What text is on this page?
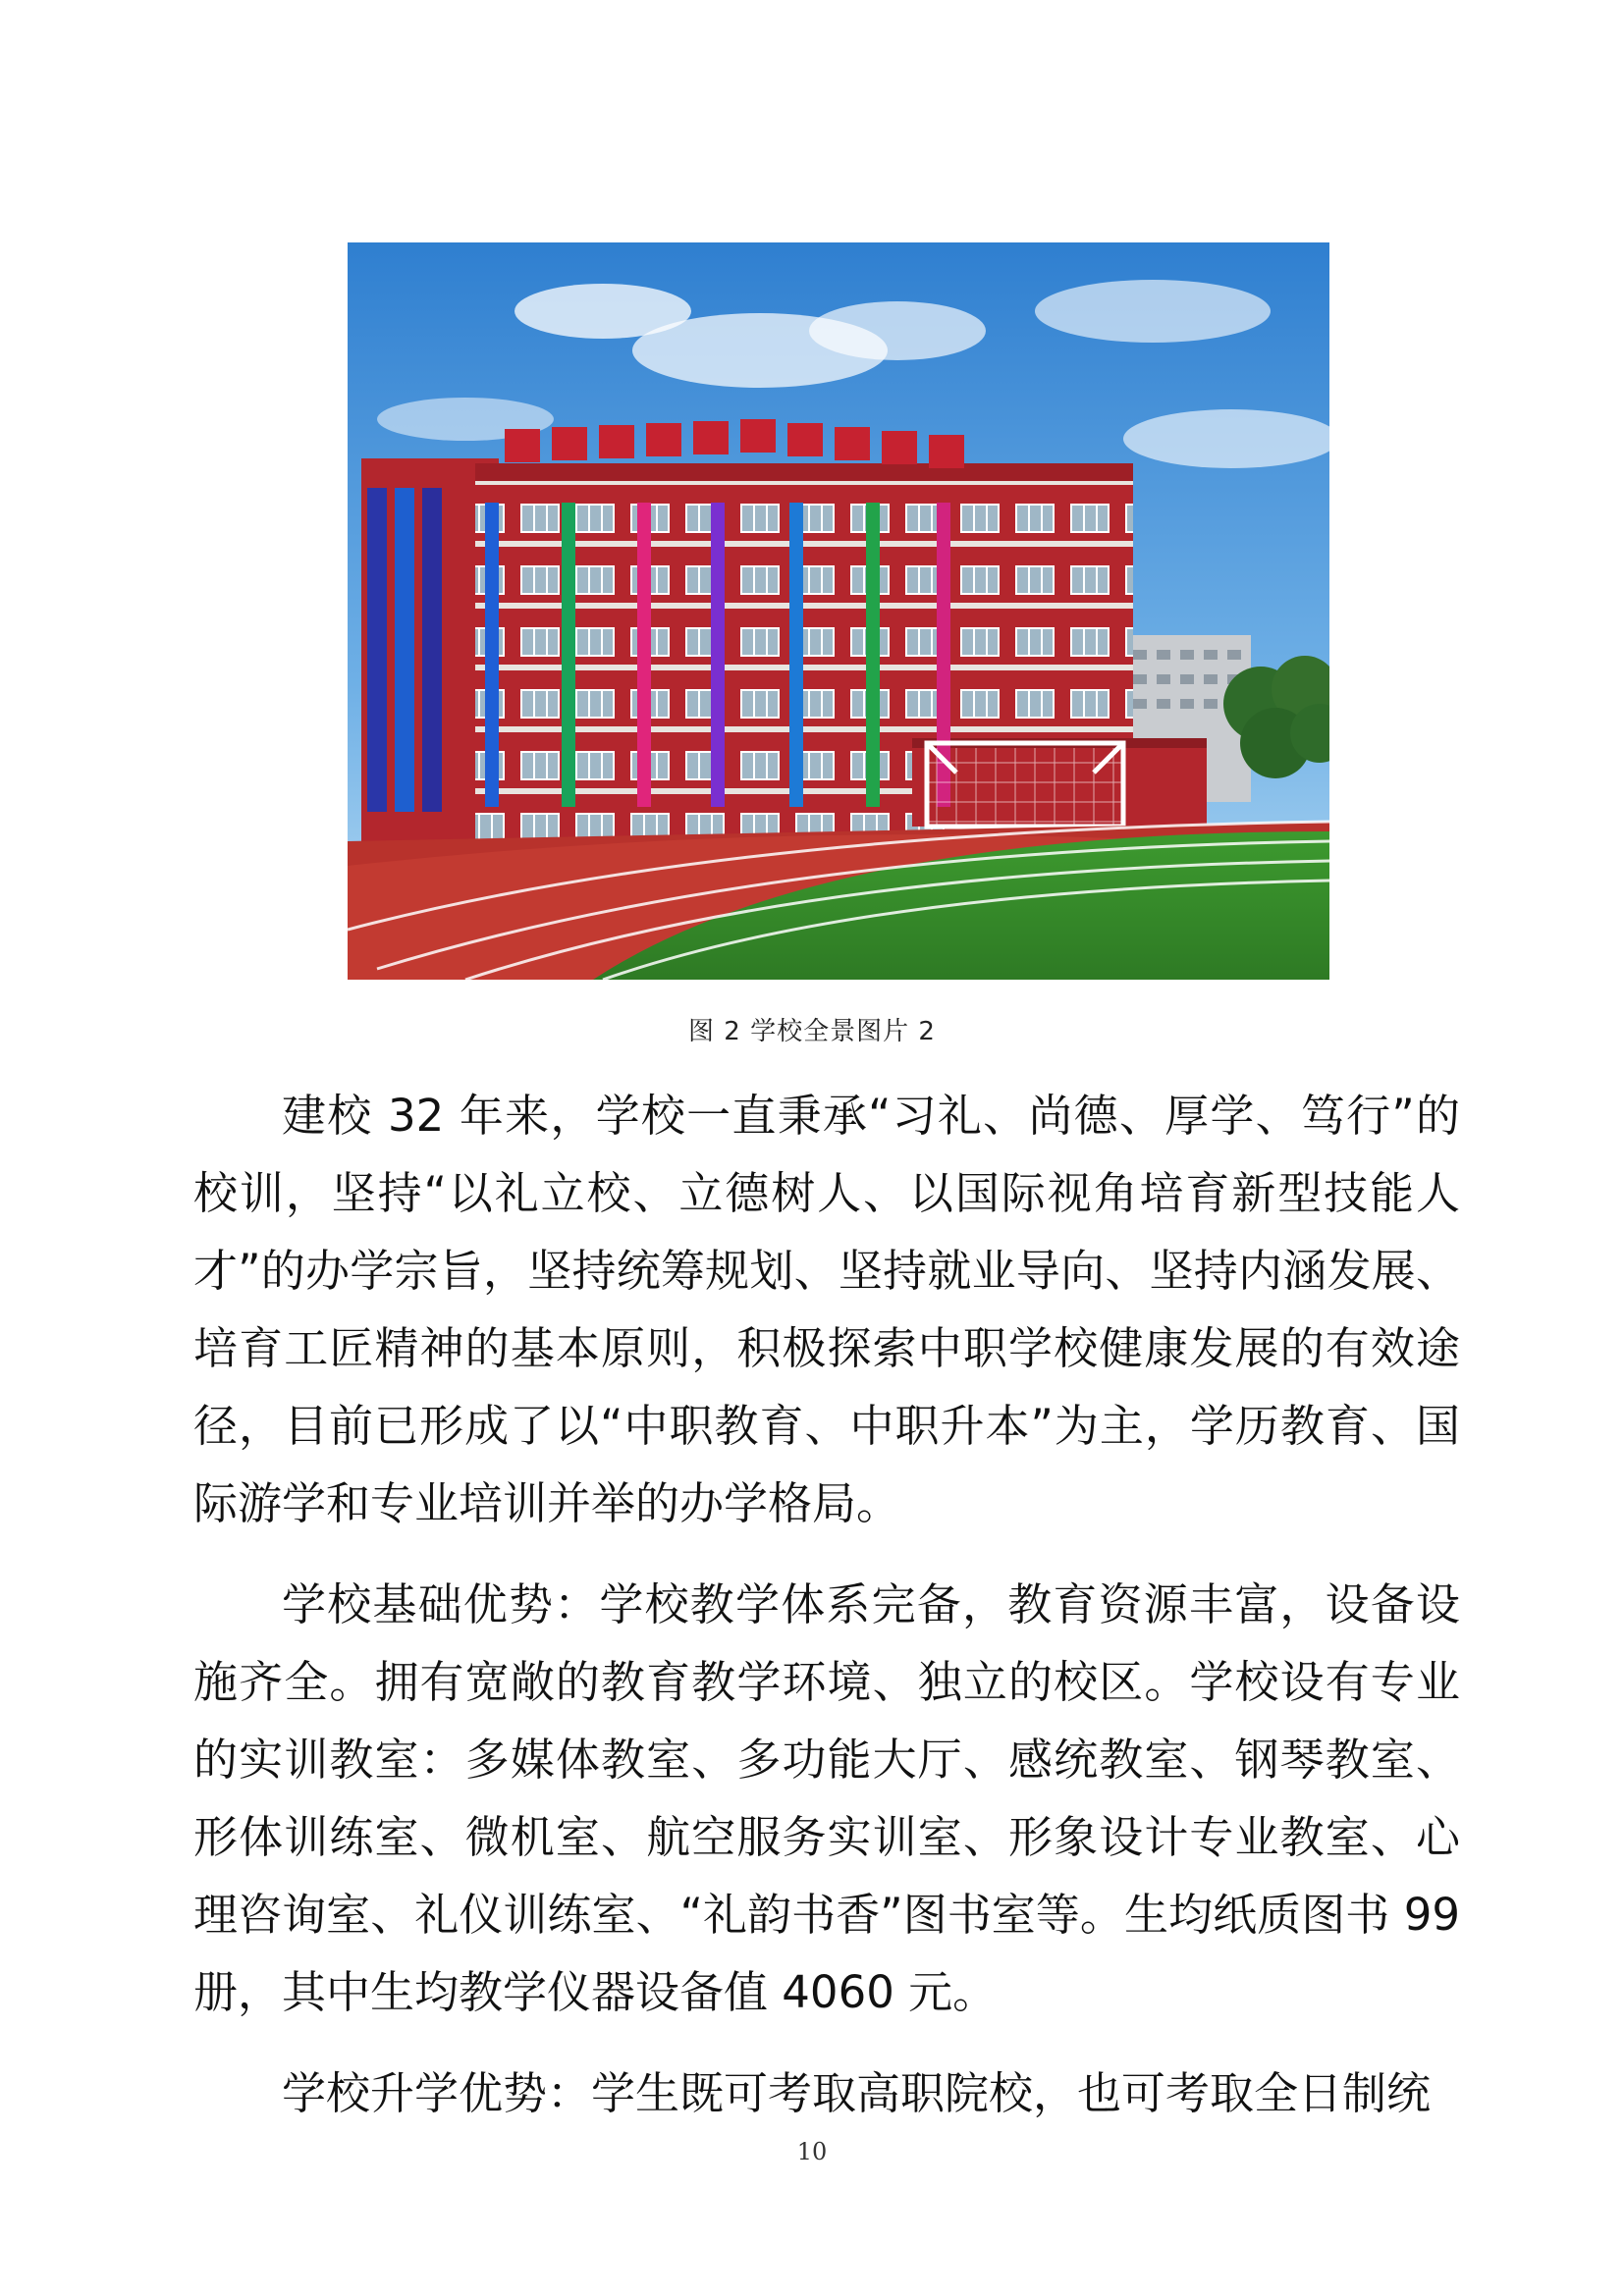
图 2 学校全景图片 2

建校 32 年来，学校一直秉承“习礼、尚德、厚学、笃行”的校训，坚持“以礼立校、立德树人、以国际视角培育新型技能人才”的办学宗旨，坚持统筹规划、坚持就业导向、坚持内涵发展、培育工匠精神的基本原则，积极探索中职学校健康发展的有效途径，目前已形成了以“中职教育、中职升本”为主，学历教育、国际游学和专业培训并举的办学格局。

学校基础优势：学校教学体系完备，教育资源丰富，设备设施齐全。拥有宽敞的教育教学环境、独立的校区。学校设有专业的实训教室：多媒体教室、多功能大厅、感统教室、钢琴教室、形体训练室、微机室、航空服务实训室、形象设计专业教室、心理咨询室、礼仪训练室、“礼韵书香”图书室等。生均纸质图书 99 册，其中生均教学仪器设备值 4060 元。

学校升学优势：学生既可考取高职院校，也可考取全日制统

10
